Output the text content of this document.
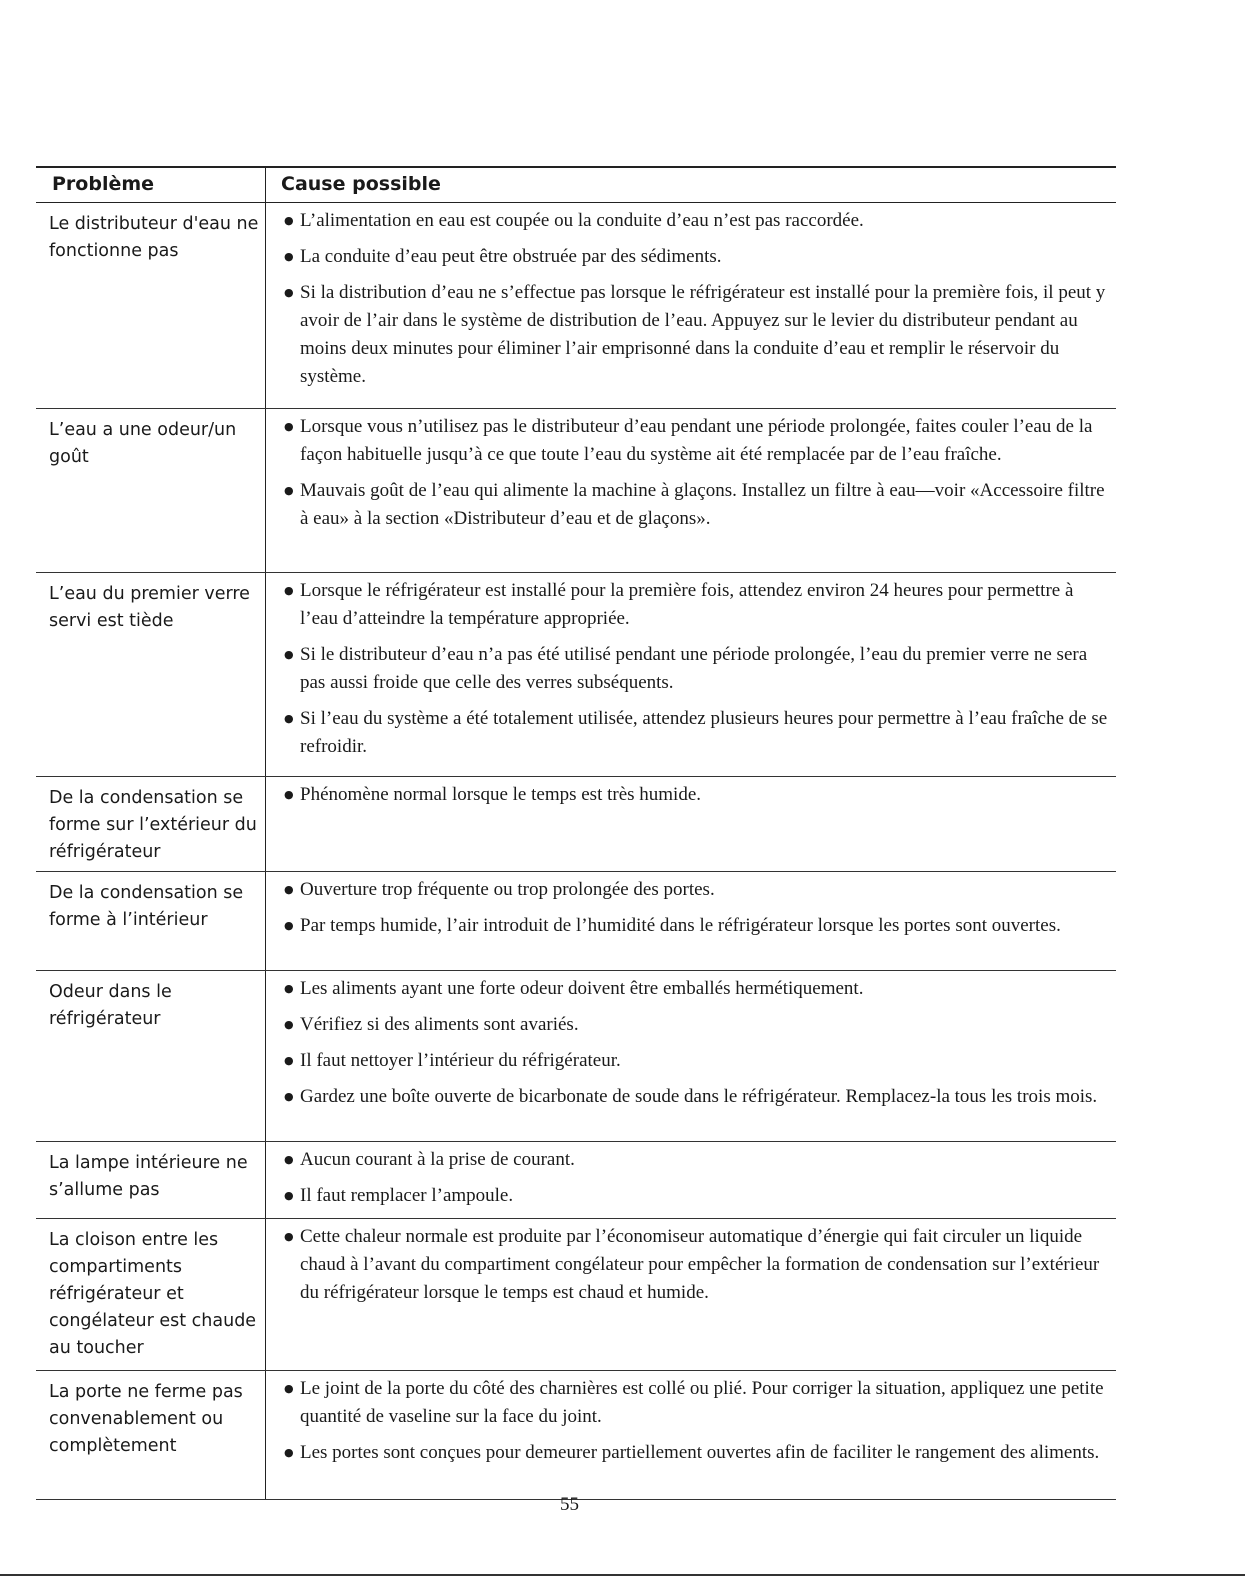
Problème	Cause possible
Le distributeur d'eau ne fonctionne pas
● L’alimentation en eau est coupée ou la conduite d’eau n’est pas raccordée.
● La conduite d’eau peut être obstruée par des sédiments.
● Si la distribution d’eau ne s’effectue pas lorsque le réfrigérateur est installé pour la première fois, il peut y avoir de l’air dans le système de distribution de l’eau. Appuyez sur le levier du distributeur pendant au moins deux minutes pour éliminer l’air emprisonné dans la conduite d’eau et remplir le réservoir du système.
L’eau a une odeur/un goût
● Lorsque vous n’utilisez pas le distributeur d’eau pendant une période prolongée, faites couler l’eau de la façon habituelle jusqu’à ce que toute l’eau du système ait été remplacée par de l’eau fraîche.
● Mauvais goût de l’eau qui alimente la machine à glaçons. Installez un filtre à eau—voir «Accessoire filtre à eau» à la section «Distributeur d’eau et de glaçons».
L’eau du premier verre servi est tiède
● Lorsque le réfrigérateur est installé pour la première fois, attendez environ 24 heures pour permettre à l’eau d’atteindre la température appropriée.
● Si le distributeur d’eau n’a pas été utilisé pendant une période prolongée, l’eau du premier verre ne sera pas aussi froide que celle des verres subséquents.
● Si l’eau du système a été totalement utilisée, attendez plusieurs heures pour permettre à l’eau fraîche de se refroidir.
De la condensation se forme sur l’extérieur du réfrigérateur
● Phénomène normal lorsque le temps est très humide.
De la condensation se forme à l’intérieur
● Ouverture trop fréquente ou trop prolongée des portes.
● Par temps humide, l’air introduit de l’humidité dans le réfrigérateur lorsque les portes sont ouvertes.
Odeur dans le réfrigérateur
● Les aliments ayant une forte odeur doivent être emballés hermétiquement.
● Vérifiez si des aliments sont avariés.
● Il faut nettoyer l’intérieur du réfrigérateur.
● Gardez une boîte ouverte de bicarbonate de soude dans le réfrigérateur. Remplacez-la tous les trois mois.
La lampe intérieure ne s’allume pas
● Aucun courant à la prise de courant.
● Il faut remplacer l’ampoule.
La cloison entre les compartiments réfrigérateur et congélateur est chaude au toucher
● Cette chaleur normale est produite par l’économiseur automatique d’énergie qui fait circuler un liquide chaud à l’avant du compartiment congélateur pour empêcher la formation de condensation sur l’extérieur du réfrigérateur lorsque le temps est chaud et humide.
La porte ne ferme pas convenablement ou complètement
● Le joint de la porte du côté des charnières est collé ou plié. Pour corriger la situation, appliquez une petite quantité de vaseline sur la face du joint.
● Les portes sont conçues pour demeurer partiellement ouvertes afin de faciliter le rangement des aliments.
55
